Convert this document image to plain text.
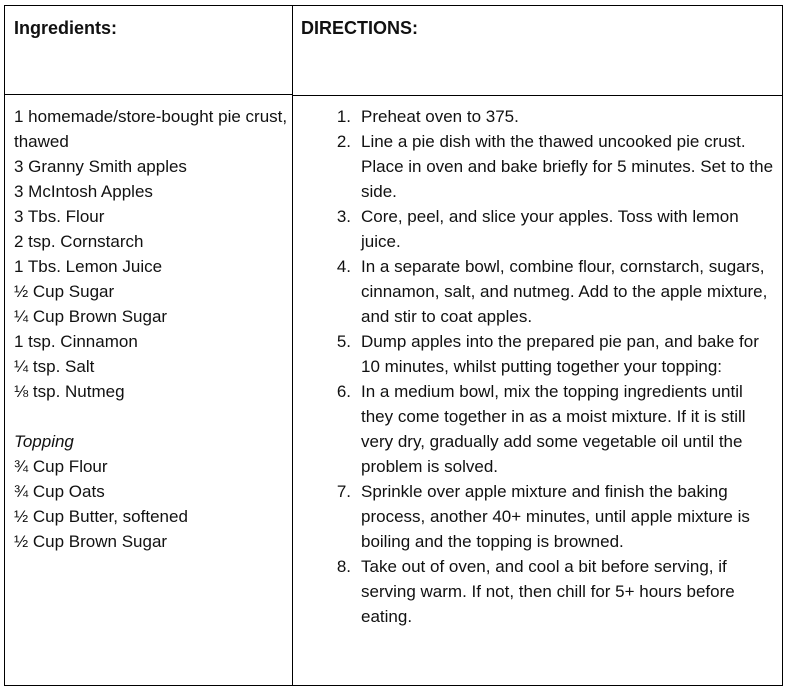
Ingredients:	DIRECTIONS:
1 homemade/store-bought pie crust, thawed
3 Granny Smith apples
3 McIntosh Apples
3 Tbs. Flour
2 tsp. Cornstarch
1 Tbs. Lemon Juice
½ Cup Sugar
¼ Cup Brown Sugar
1 tsp. Cinnamon
¼ tsp. Salt
⅛ tsp. Nutmeg

Topping
¾ Cup Flour
¾ Cup Oats
½ Cup Butter, softened
½ Cup Brown Sugar
1. Preheat oven to 375.
2. Line a pie dish with the thawed uncooked pie crust. Place in oven and bake briefly for 5 minutes. Set to the side.
3. Core, peel, and slice your apples. Toss with lemon juice.
4. In a separate bowl, combine flour, cornstarch, sugars, cinnamon, salt, and nutmeg. Add to the apple mixture, and stir to coat apples.
5. Dump apples into the prepared pie pan, and bake for 10 minutes, whilst putting together your topping:
6. In a medium bowl, mix the topping ingredients until they come together in as a moist mixture. If it is still very dry, gradually add some vegetable oil until the problem is solved.
7. Sprinkle over apple mixture and finish the baking process, another 40+ minutes, until apple mixture is boiling and the topping is browned.
8. Take out of oven, and cool a bit before serving, if serving warm. If not, then chill for 5+ hours before eating.
